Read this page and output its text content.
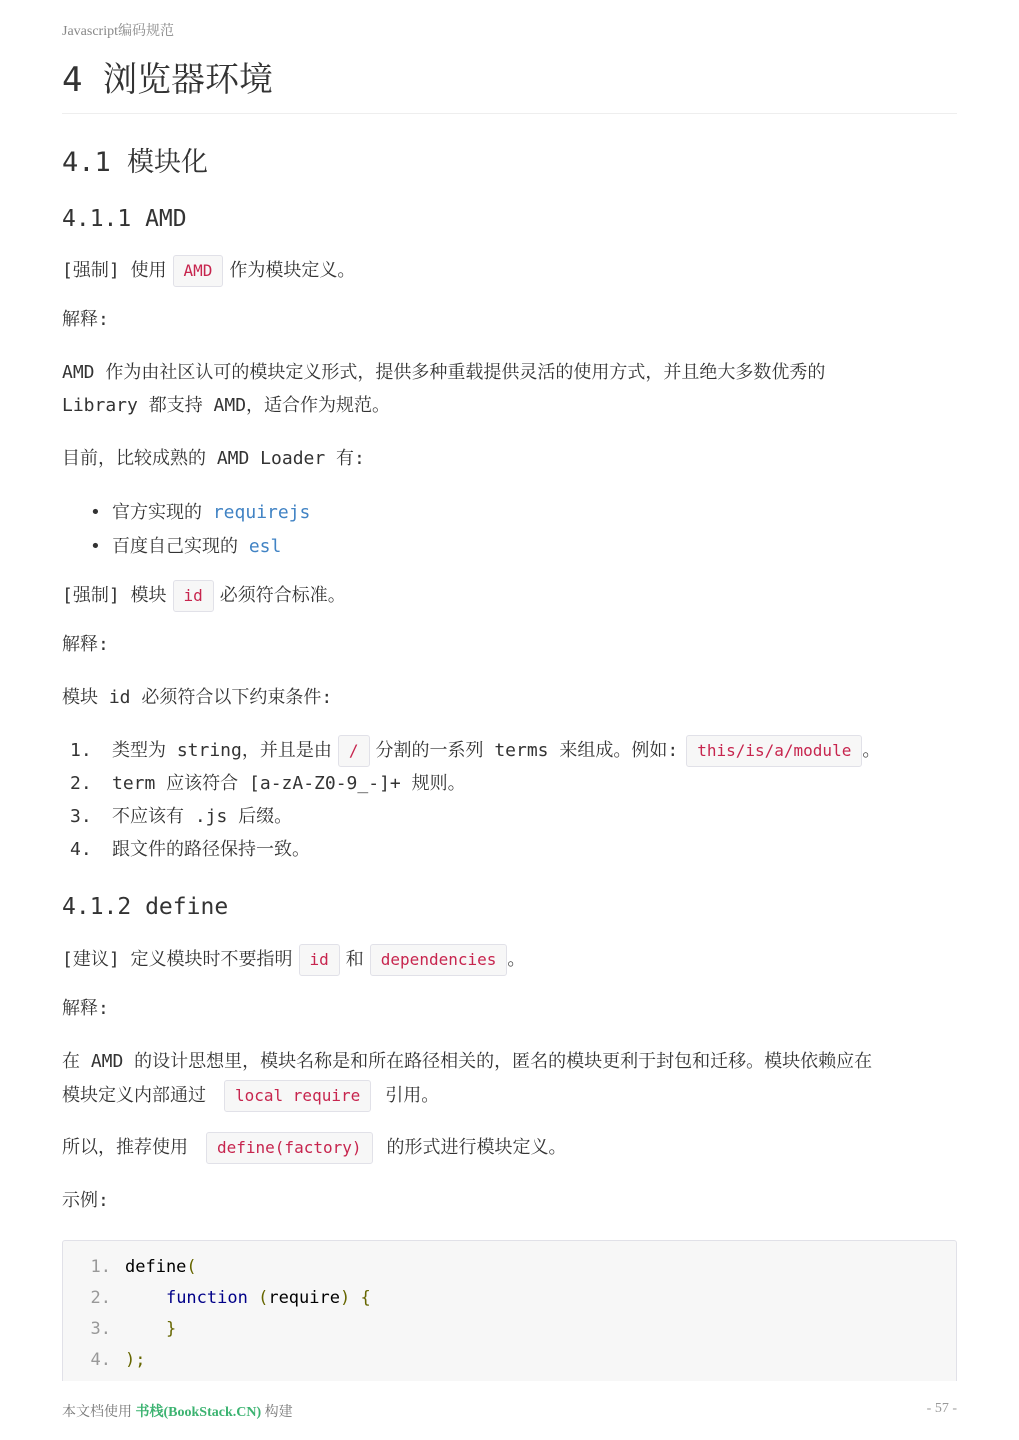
Javascript编码规范
4 浏览器环境
4.1 模块化
4.1.1 AMD
[强制] 使用 AMD 作为模块定义。
解释:
AMD 作为由社区认可的模块定义形式，提供多种重载提供灵活的使用方式，并且绝大多数优秀的
Library 都支持 AMD，适合作为规范。
目前，比较成熟的 AMD Loader 有:
• 官方实现的 requirejs
• 百度自己实现的 esl
[强制] 模块 id 必须符合标准。
解释:
模块 id 必须符合以下约束条件:
1. 类型为 string，并且是由 / 分割的一系列 terms 来组成。例如: this/is/a/module 。
2. term 应该符合 [a-zA-Z0-9_-]+ 规则。
3. 不应该有 .js 后缀。
4. 跟文件的路径保持一致。
4.1.2 define
[建议] 定义模块时不要指明 id 和 dependencies 。
解释:
在 AMD 的设计思想里，模块名称是和所在路径相关的，匿名的模块更利于封包和迁移。模块依赖应在
模块定义内部通过 local require 引用。
所以，推荐使用 define(factory) 的形式进行模块定义。
示例:
1. define(
2.	function (require) {
3.	}
4. );
本文档使用 书栈(BookStack.CN) 构建	- 57 -
